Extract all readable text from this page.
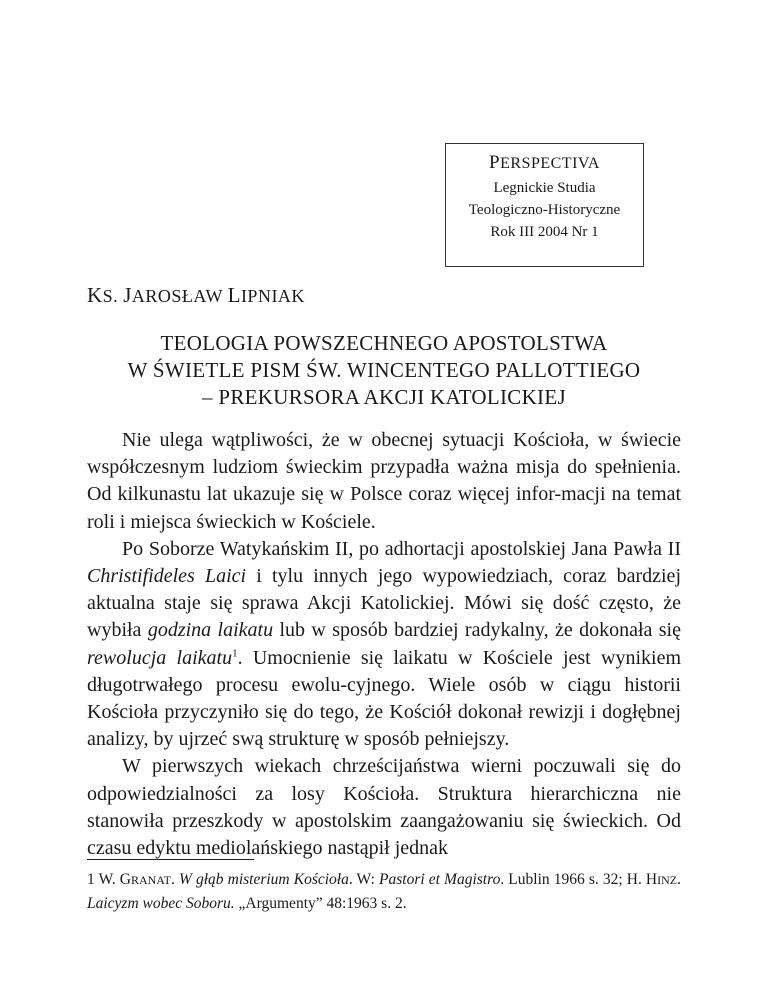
PERSPECTIVA
Legnickie Studia
Teologiczno-Historyczne
Rok III 2004 Nr 1
KS. JAROSŁAW LIPNIAK
TEOLOGIA POWSZECHNEGO APOSTOLSTWA
W ŚWIETLE PISM ŚW. WINCENTEGO PALLOTTIEGO
– PREKURSORA AKCJI KATOLICKIEJ

Nie ulega wątpliwości, że w obecnej sytuacji Kościoła, w świecie współczesnym ludziom świeckim przypadła ważna misja do spełnienia. Od kilkunastu lat ukazuje się w Polsce coraz więcej infor-macji na temat roli i miejsca świeckich w Kościele.

Po Soborze Watykańskim II, po adhortacji apostolskiej Jana Pawła II Christifideles Laici i tylu innych jego wypowiedziach, coraz bardziej aktualna staje się sprawa Akcji Katolickiej. Mówi się dość często, że wybiła godzina laikatu lub w sposób bardziej radykalny, że dokonała się rewolucja laikatu$^1$. Umocnienie się laikatu w Kościele jest wynikiem długotrwałego procesu ewolu-cyjnego. Wiele osób w ciągu historii Kościoła przyczyniło się do tego, że Kościół dokonał rewizji i dogłębnej analizy, by ujrzeć swą strukturę w sposób pełniejszy.

W pierwszych wiekach chrześcijaństwa wierni poczuwali się do odpowiedzialności za losy Kościoła. Struktura hierarchiczna nie stanowiła przeszkody w apostolskim zaangażowaniu się świeckich. Od czasu edyktu mediolańskiego nastąpił jednak

1 W. GRANAT. W głąb misterium Kościoła. W: Pastori et Magistro. Lublin 1966 s. 32; H. HINZ. Laicyzm wobec Soboru. „Argumenty” 48:1963 s. 2.
